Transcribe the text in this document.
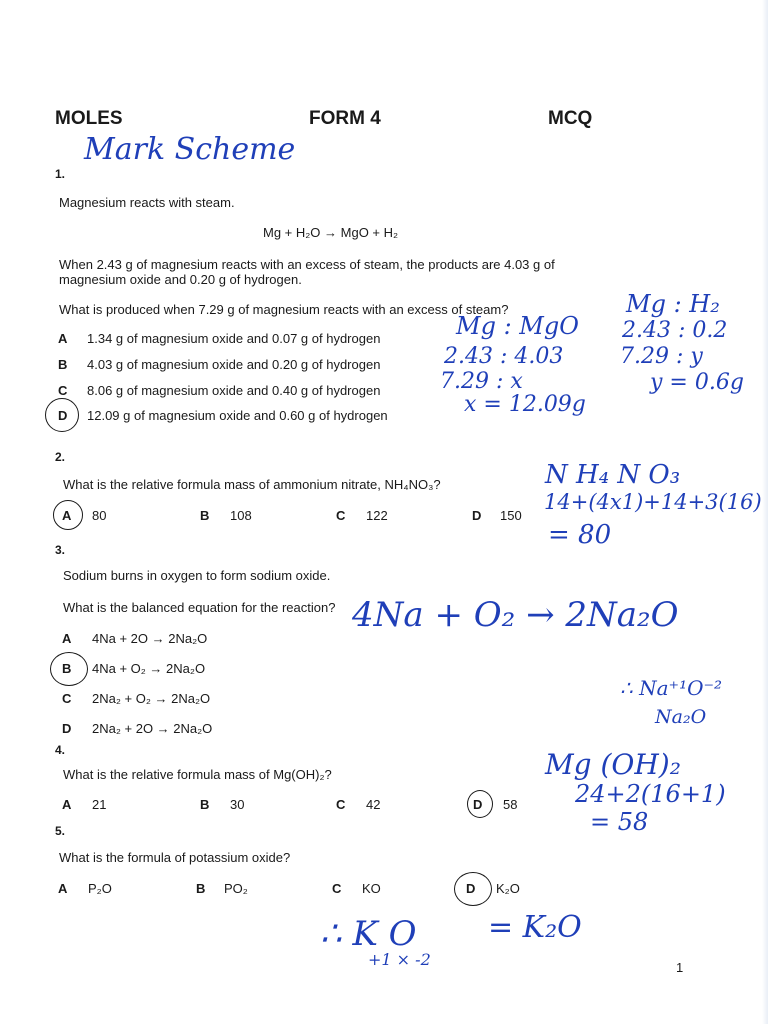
MOLES	FORM 4	MCQ
Mark Scheme
1.
Magnesium reacts with steam.
Mg + H₂O → MgO + H₂
When 2.43 g of magnesium reacts with an excess of steam, the products are 4.03 g of
magnesium oxide and 0.20 g of hydrogen.
What is produced when 7.29 g of magnesium reacts with an excess of steam?
A 1.34 g of magnesium oxide and 0.07 g of hydrogen
B 4.03 g of magnesium oxide and 0.20 g of hydrogen
C 8.06 g of magnesium oxide and 0.40 g of hydrogen
D 12.09 g of magnesium oxide and 0.60 g of hydrogen
Mg : MgO
2.43 : 4.03
7.29 : x
x = 12.09g
Mg : H₂
2.43 : 0.2
7.29 : y
y = 0.6g
2.
What is the relative formula mass of ammonium nitrate, NH₄NO₃?
A 80	B 108	C 122	D 150
N H₄ N O₃
14+(4x1)+14+3(16)
= 80
3.
Sodium burns in oxygen to form sodium oxide.
What is the balanced equation for the reaction?
A 4Na + 2O → 2Na₂O
B 4Na + O₂ → 2Na₂O
C 2Na₂ + O₂ → 2Na₂O
D 2Na₂ + 2O → 2Na₂O
4Na + O₂ → 2Na₂O
∴ Na⁺¹O⁻²
Na₂O
4.
What is the relative formula mass of Mg(OH)₂?
A 21	B 30	C 42	D 58
Mg (OH)₂
24+2(16+1)
= 58
5.
What is the formula of potassium oxide?
A P₂O	B PO₂	C KO	D K₂O
∴ K O
+1 × -2
= K₂O
1
